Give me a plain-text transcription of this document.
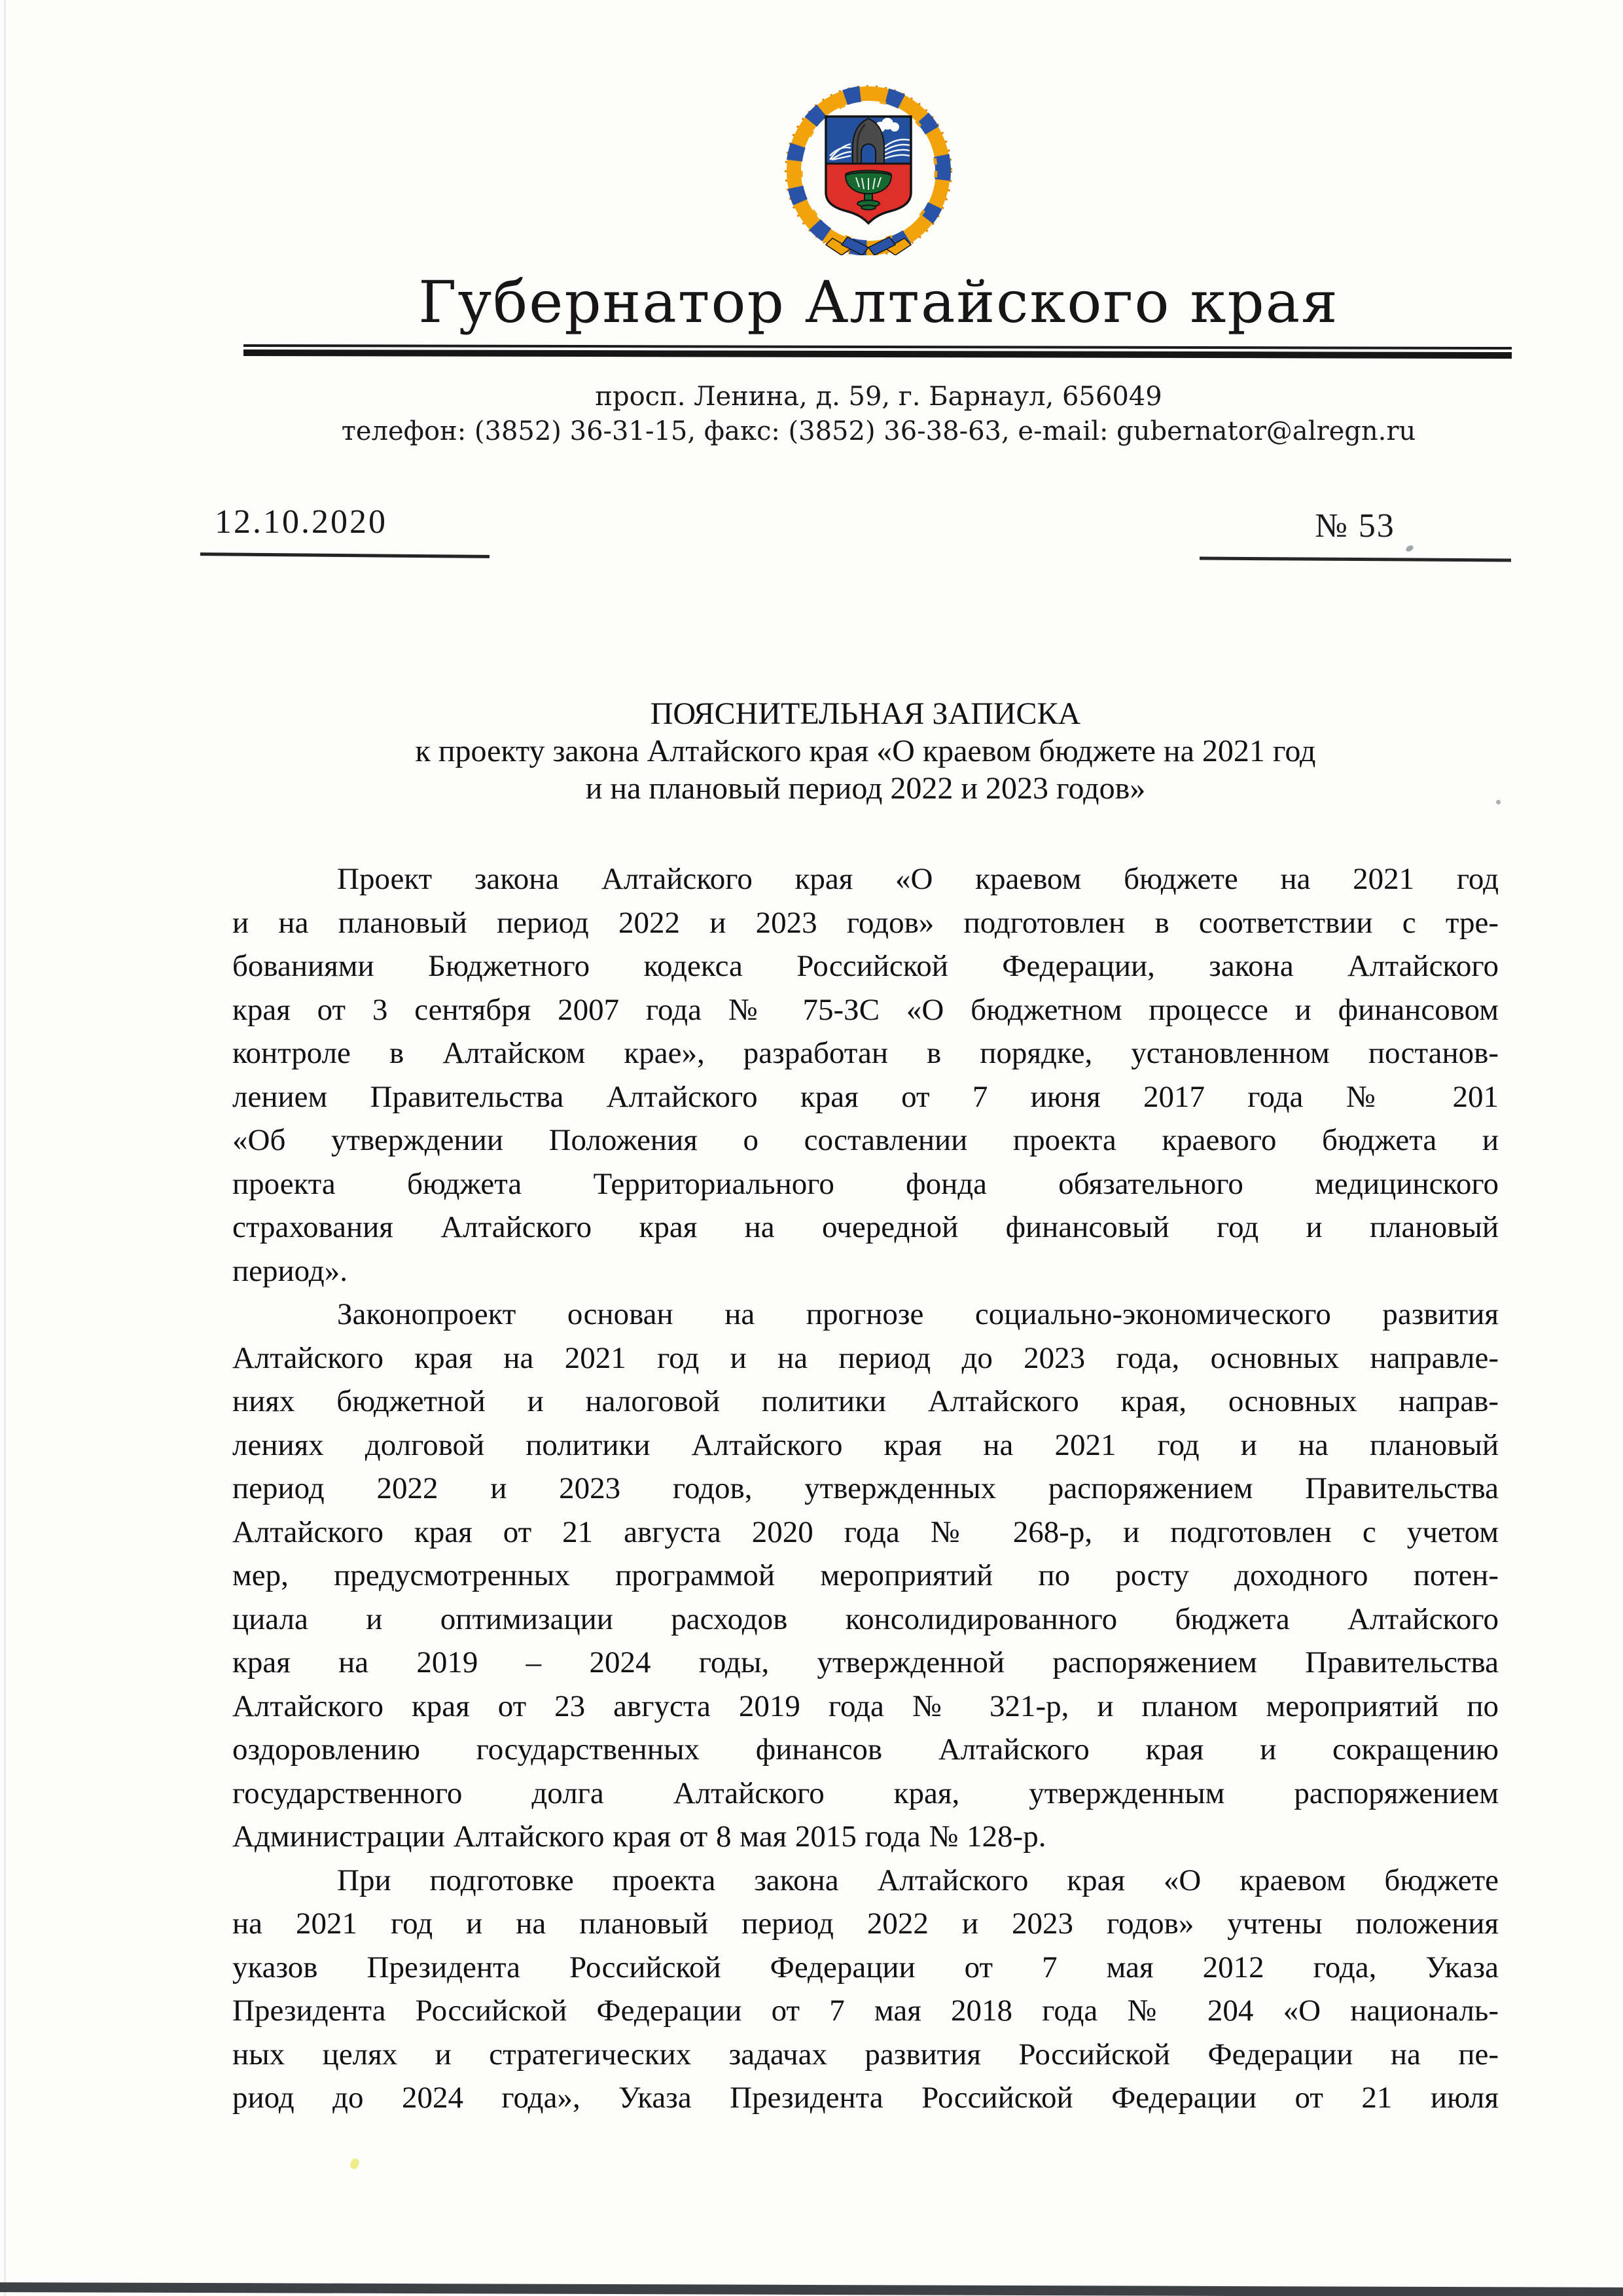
Губернатор Алтайского края
просп. Ленина, д. 59, г. Барнаул, 656049
телефон: (3852) 36-31-15, факс: (3852) 36-38-63, e-mail: gubernator@alregn.ru
12.10.2020	№ 53
ПОЯСНИТЕЛЬНАЯ ЗАПИСКА
к проекту закона Алтайского края «О краевом бюджете на 2021 год
и на плановый период 2022 и 2023 годов»
Проект закона Алтайского края «О краевом бюджете на 2021 год
и на плановый период 2022 и 2023 годов» подготовлен в соответствии с тре-
бованиями Бюджетного кодекса Российской Федерации, закона Алтайского
края от 3 сентября 2007 года № 75-ЗС «О бюджетном процессе и финансовом
контроле в Алтайском крае», разработан в порядке, установленном постанов-
лением Правительства Алтайского края от 7 июня 2017 года № 201
«Об утверждении Положения о составлении проекта краевого бюджета и
проекта бюджета Территориального фонда обязательного медицинского
страхования Алтайского края на очередной финансовый год и плановый
период».
Законопроект основан на прогнозе социально-экономического развития
Алтайского края на 2021 год и на период до 2023 года, основных направле-
ниях бюджетной и налоговой политики Алтайского края, основных направ-
лениях долговой политики Алтайского края на 2021 год и на плановый
период 2022 и 2023 годов, утвержденных распоряжением Правительства
Алтайского края от 21 августа 2020 года № 268-р, и подготовлен с учетом
мер, предусмотренных программой мероприятий по росту доходного потен-
циала и оптимизации расходов консолидированного бюджета Алтайского
края на 2019 – 2024 годы, утвержденной распоряжением Правительства
Алтайского края от 23 августа 2019 года № 321-р, и планом мероприятий по
оздоровлению государственных финансов Алтайского края и сокращению
государственного долга Алтайского края, утвержденным распоряжением
Администрации Алтайского края от 8 мая 2015 года № 128-р.
При подготовке проекта закона Алтайского края «О краевом бюджете
на 2021 год и на плановый период 2022 и 2023 годов» учтены положения
указов Президента Российской Федерации от 7 мая 2012 года, Указа
Президента Российской Федерации от 7 мая 2018 года № 204 «О националь-
ных целях и стратегических задачах развития Российской Федерации на пе-
риод до 2024 года», Указа Президента Российской Федерации от 21 июля
